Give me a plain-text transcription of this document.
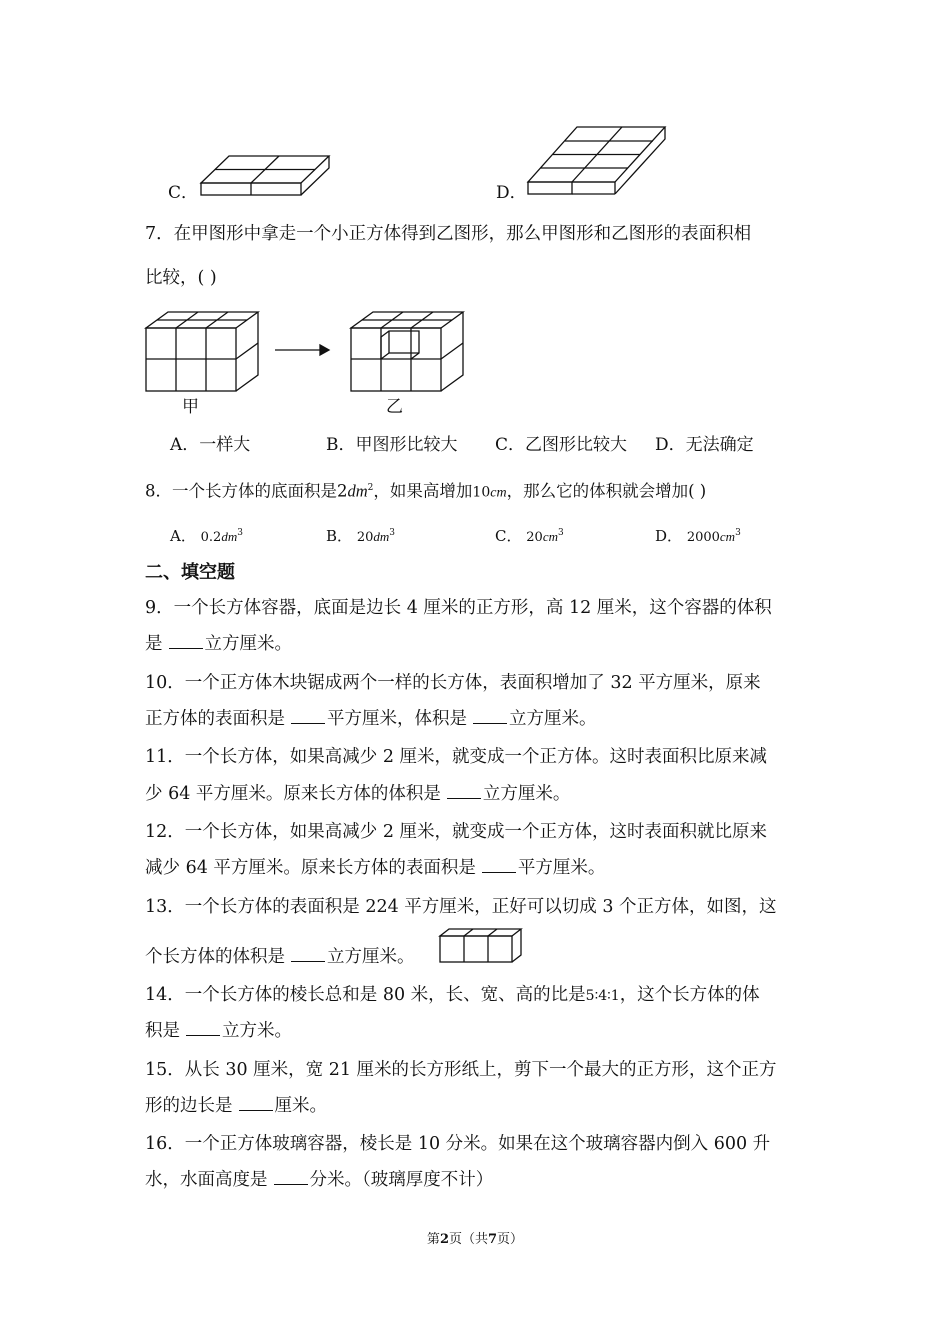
C．	D．
7．在甲图形中拿走一个小正方体得到乙图形，那么甲图形和乙图形的表面积相
比较，( )
甲	乙
A．一样大	B．甲图形比较大 C．乙图形比较大 D．无法确定
8．一个长方体的底面积是$2dm^2$，如果高增加10cm，那么它的体积就会增加( )
A． $0.2dm^3$	B． $20dm^3$	C． $20cm^3$	D． $2000cm^3$
二、填空题
9．一个长方体容器，底面是边长 4 厘米的正方形，高 12 厘米，这个容器的体积
是 立方厘米。
10．一个正方体木块锯成两个一样的长方体，表面积增加了 32 平方厘米，原来
正方体的表面积是 平方厘米，体积是 立方厘米。
11．一个长方体，如果高减少 2 厘米，就变成一个正方体。这时表面积比原来减
少 64 平方厘米。原来长方体的体积是 立方厘米。
12．一个长方体，如果高减少 2 厘米，就变成一个正方体，这时表面积就比原来
减少 64 平方厘米。原来长方体的表面积是 平方厘米。
13．一个长方体的表面积是 224 平方厘米，正好可以切成 3 个正方体，如图，这
个长方体的体积是 立方厘米。
14．一个长方体的棱长总和是 80 米，长、宽、高的比是5∶4∶1，这个长方体的体
积是 立方米。
15．从长 30 厘米，宽 21 厘米的长方形纸上，剪下一个最大的正方形，这个正方
形的边长是 厘米。
16．一个正方体玻璃容器，棱长是 10 分米。如果在这个玻璃容器内倒入 600 升
水，水面高度是 分米。（玻璃厚度不计）
第2页（共7页）
